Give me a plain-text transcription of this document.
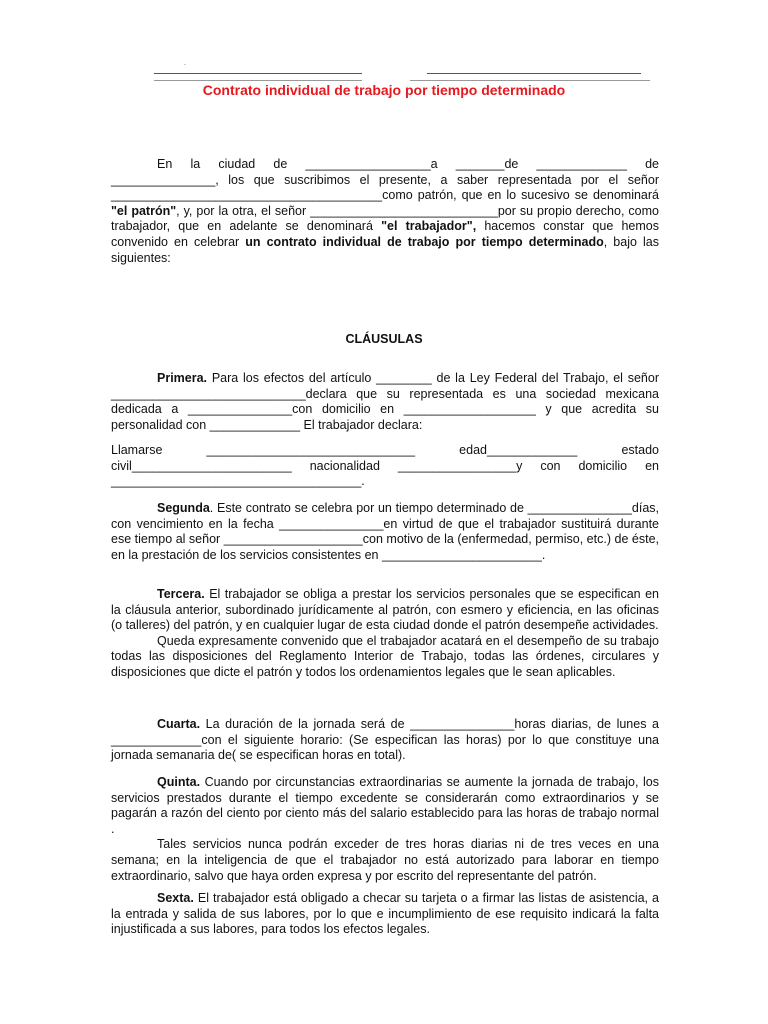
.
Contrato individual de trabajo por tiempo determinado

En la ciudad de __________________a _______de _____________ de _______________, los que suscribimos el presente, a saber representada por el señor _______________________________________como patrón, que en lo sucesivo se denominará "el patrón", y, por la otra, el señor ___________________________por su propio derecho, como trabajador, que en adelante se denominará "el trabajador", hacemos constar que hemos convenido en celebrar un contrato individual de trabajo por tiempo determinado, bajo las siguientes:

CLÁUSULAS

Primera. Para los efectos del artículo ________ de la Ley Federal del Trabajo, el señor ____________________________declara que su representada es una sociedad mexicana dedicada a _______________con domicilio en ___________________ y que acredita su personalidad con _____________ El trabajador declara:

Llamarse	______________________________	edad_____________	estado
civil_______________________ nacionalidad _________________y con domicilio en
____________________________________.

Segunda. Este contrato se celebra por un tiempo determinado de _______________días, con vencimiento en la fecha _______________en virtud de que el trabajador sustituirá durante ese tiempo al señor ____________________con motivo de la (enfermedad, permiso, etc.) de éste, en la prestación de los servicios consistentes en _______________________.

Tercera. El trabajador se obliga a prestar los servicios personales que se especifican en la cláusula anterior, subordinado jurídicamente al patrón, con esmero y eficiencia, en las oficinas (o talleres) del patrón, y en cualquier lugar de esta ciudad donde el patrón desempeñe actividades.

Queda expresamente convenido que el trabajador acatará en el desempeño de su trabajo todas las disposiciones del Reglamento Interior de Trabajo, todas las órdenes, circulares y disposiciones que dicte el patrón y todos los ordenamientos legales que le sean aplicables.

Cuarta. La duración de la jornada será de _______________horas diarias, de lunes a _____________con el siguiente horario: (Se especifican las horas) por lo que constituye una jornada semanaria de( se especifican horas en total).

Quinta. Cuando por circunstancias extraordinarias se aumente la jornada de trabajo, los servicios prestados durante el tiempo excedente se considerarán como extraordinarios y se pagarán a razón del ciento por ciento más del salario establecido para las horas de trabajo normal .

Tales servicios nunca podrán exceder de tres horas diarias ni de tres veces en una semana; en la inteligencia de que el trabajador no está autorizado para laborar en tiempo extraordinario, salvo que haya orden expresa y por escrito del representante del patrón.

Sexta. El trabajador está obligado a checar su tarjeta o a firmar las listas de asistencia, a la entrada y salida de sus labores, por lo que e incumplimiento de ese requisito indicará la falta injustificada a sus labores, para todos los efectos legales.
